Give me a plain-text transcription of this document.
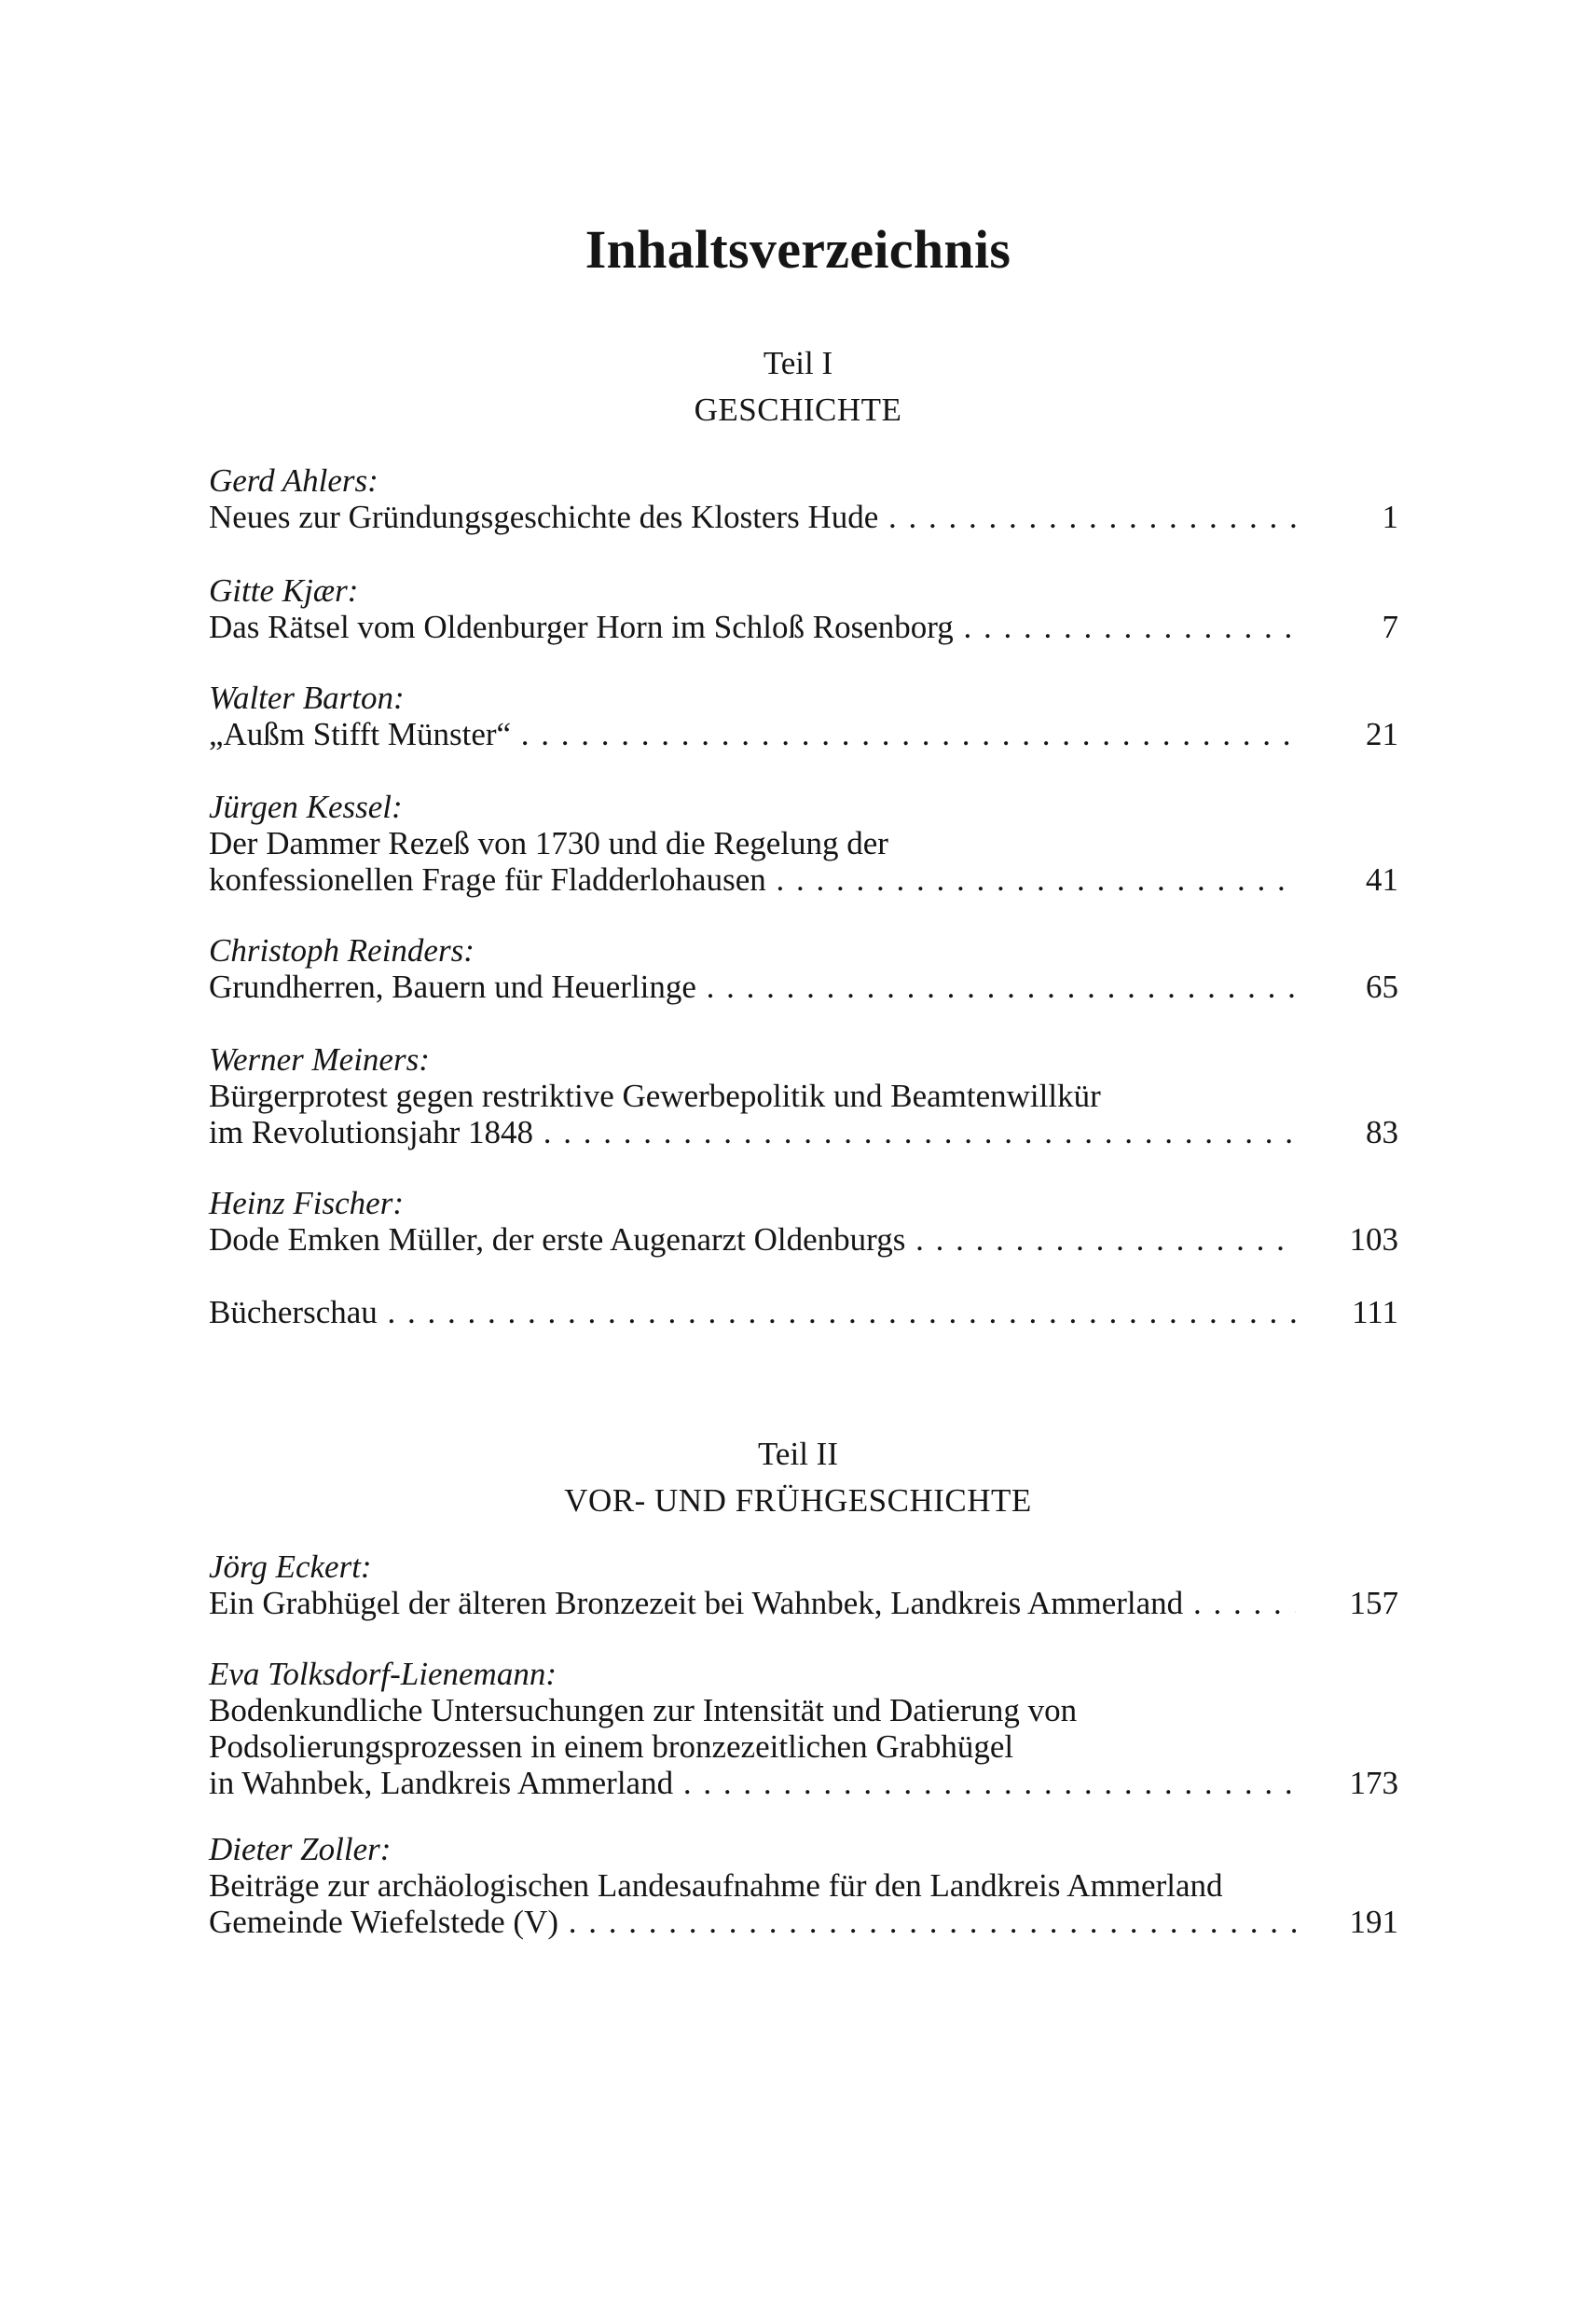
Inhaltsverzeichnis
Teil I
GESCHICHTE
Gerd Ahlers:
Neues zur Gründungsgeschichte des Klosters Hude . . .	1
Gitte Kjær:
Das Rätsel vom Oldenburger Horn im Schloß Rosenborg . . .	7
Walter Barton:
„Außm Stifft Münster“ . . .	21
Jürgen Kessel:
Der Dammer Rezeß von 1730 und die Regelung der
konfessionellen Frage für Fladderlohausen . . .	41
Christoph Reinders:
Grundherren, Bauern und Heuerlinge . . .	65
Werner Meiners:
Bürgerprotest gegen restriktive Gewerbepolitik und Beamtenwillkür
im Revolutionsjahr 1848 . . .	83
Heinz Fischer:
Dode Emken Müller, der erste Augenarzt Oldenburgs . . .	103
Bücherschau . . .	111
Teil II
VOR- UND FRÜHGESCHICHTE
Jörg Eckert:
Ein Grabhügel der älteren Bronzezeit bei Wahnbek, Landkreis Ammerland . . .	157
Eva Tolksdorf-Lienemann:
Bodenkundliche Untersuchungen zur Intensität und Datierung von
Podsolierungsprozessen in einem bronzezeitlichen Grabhügel
in Wahnbek, Landkreis Ammerland . . .	173
Dieter Zoller:
Beiträge zur archäologischen Landesaufnahme für den Landkreis Ammerland
Gemeinde Wiefelstede (V) . . .	191
